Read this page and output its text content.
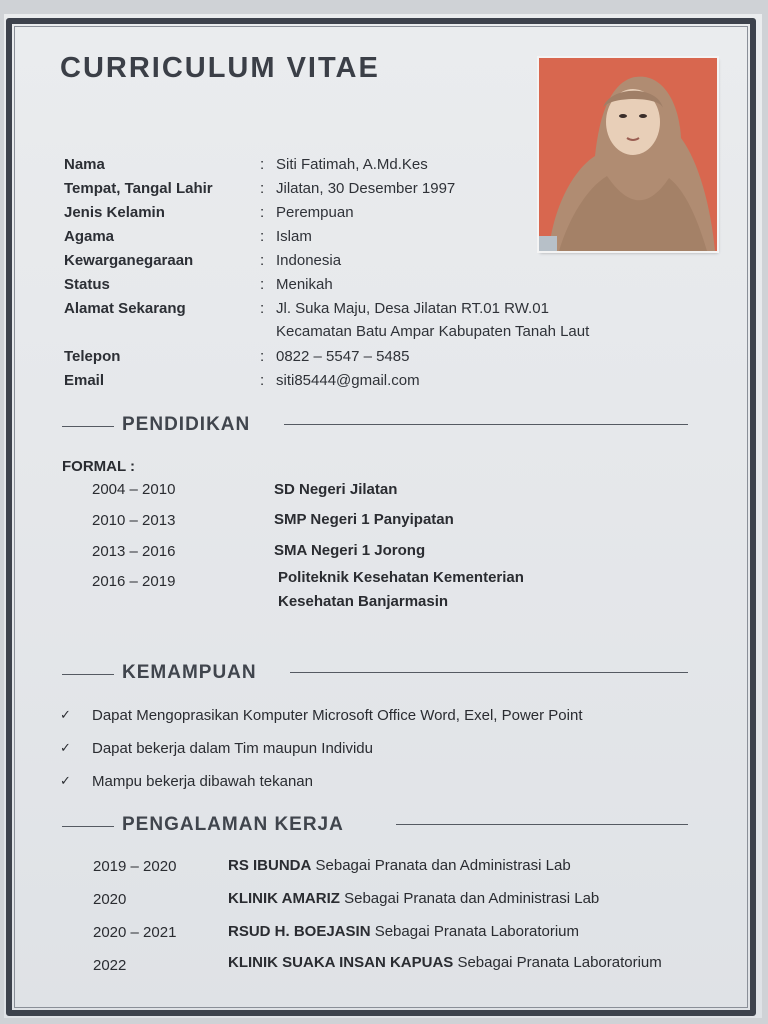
CURRICULUM VITAE
Nama	: Siti Fatimah, A.Md.Kes
Tempat, Tangal Lahir	: Jilatan, 30 Desember 1997
Jenis Kelamin	: Perempuan
Agama	: Islam
Kewarganegaraan	: Indonesia
Status	: Menikah
Alamat Sekarang	: Jl. Suka Maju, Desa Jilatan RT.01 RW.01
Kecamatan Batu Ampar Kabupaten Tanah Laut
Telepon	: 0822 – 5547 – 5485
Email	: siti85444@gmail.com
PENDIDIKAN
FORMAL :
2004 – 2010	SD Negeri Jilatan
2010 – 2013	SMP Negeri 1 Panyipatan
2013 – 2016	SMA Negeri 1 Jorong
2016 – 2019	Politeknik Kesehatan Kementerian
Kesehatan Banjarmasin
KEMAMPUAN
✓ Dapat Mengoprasikan Komputer Microsoft Office Word, Exel, Power Point
✓ Dapat bekerja dalam Tim maupun Individu
✓ Mampu bekerja dibawah tekanan
PENGALAMAN KERJA
2019 – 2020	RS IBUNDA Sebagai Pranata dan Administrasi Lab
2020	KLINIK AMARIZ Sebagai Pranata dan Administrasi Lab
2020 – 2021	RSUD H. BOEJASIN Sebagai Pranata Laboratorium
2022	KLINIK SUAKA INSAN KAPUAS Sebagai Pranata Laboratorium
